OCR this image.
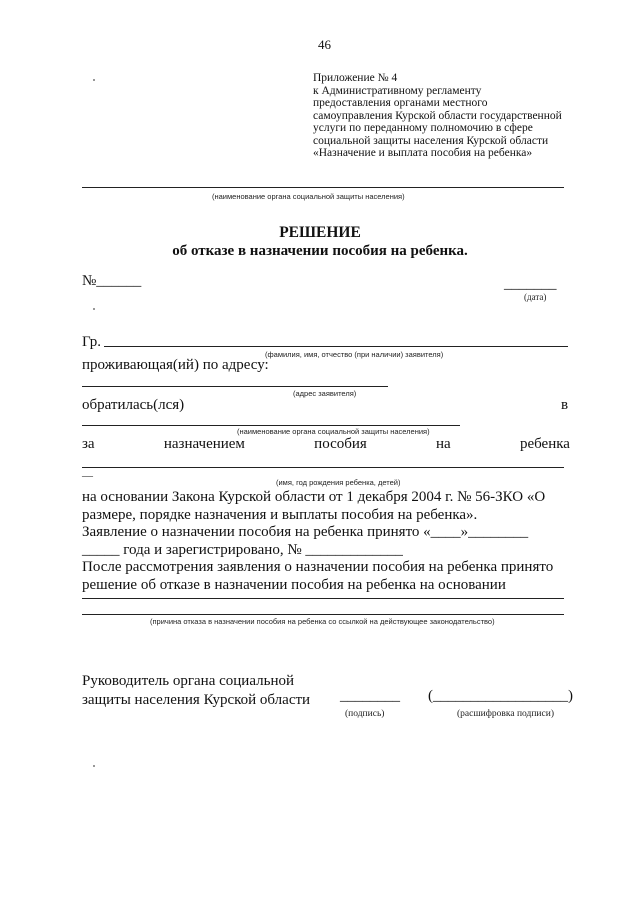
46
Приложение № 4
к Административному регламенту
предоставления органами местного
самоуправления Курской области государственной
услуги по переданному полномочию в сфере
социальной защиты населения Курской области
«Назначение и выплата пособия на ребенка»
(наименование органа социальной защиты населения)
РЕШЕНИЕ
об отказе в назначении пособия на ребенка.
№______	_______
(дата)
Гр.
(фамилия, имя, отчество (при наличии) заявителя)
проживающая(ий) по адресу:
(адрес заявителя)
обратилась(лся)	в
(наименование органа социальной защиты населения)
за	назначением	пособия	на	ребенка
—
(имя, год рождения ребенка, детей)
на основании Закона Курской области от 1 декабря 2004 г. № 56-ЗКО «О
размере, порядке назначения и выплаты пособия на ребенка».
Заявление о назначении пособия на ребенка принято «____»________
_____ года и зарегистрировано, № _____________
После рассмотрения заявления о назначении пособия на ребенка принято
решение об отказе в назначении пособия на ребенка на основании
(причина отказа в назначении пособия на ребенка со ссылкой на действующее законодательство)
Руководитель органа социальной
защиты населения Курской области ________
(подпись)
(__________________)
(расшифровка подписи)
